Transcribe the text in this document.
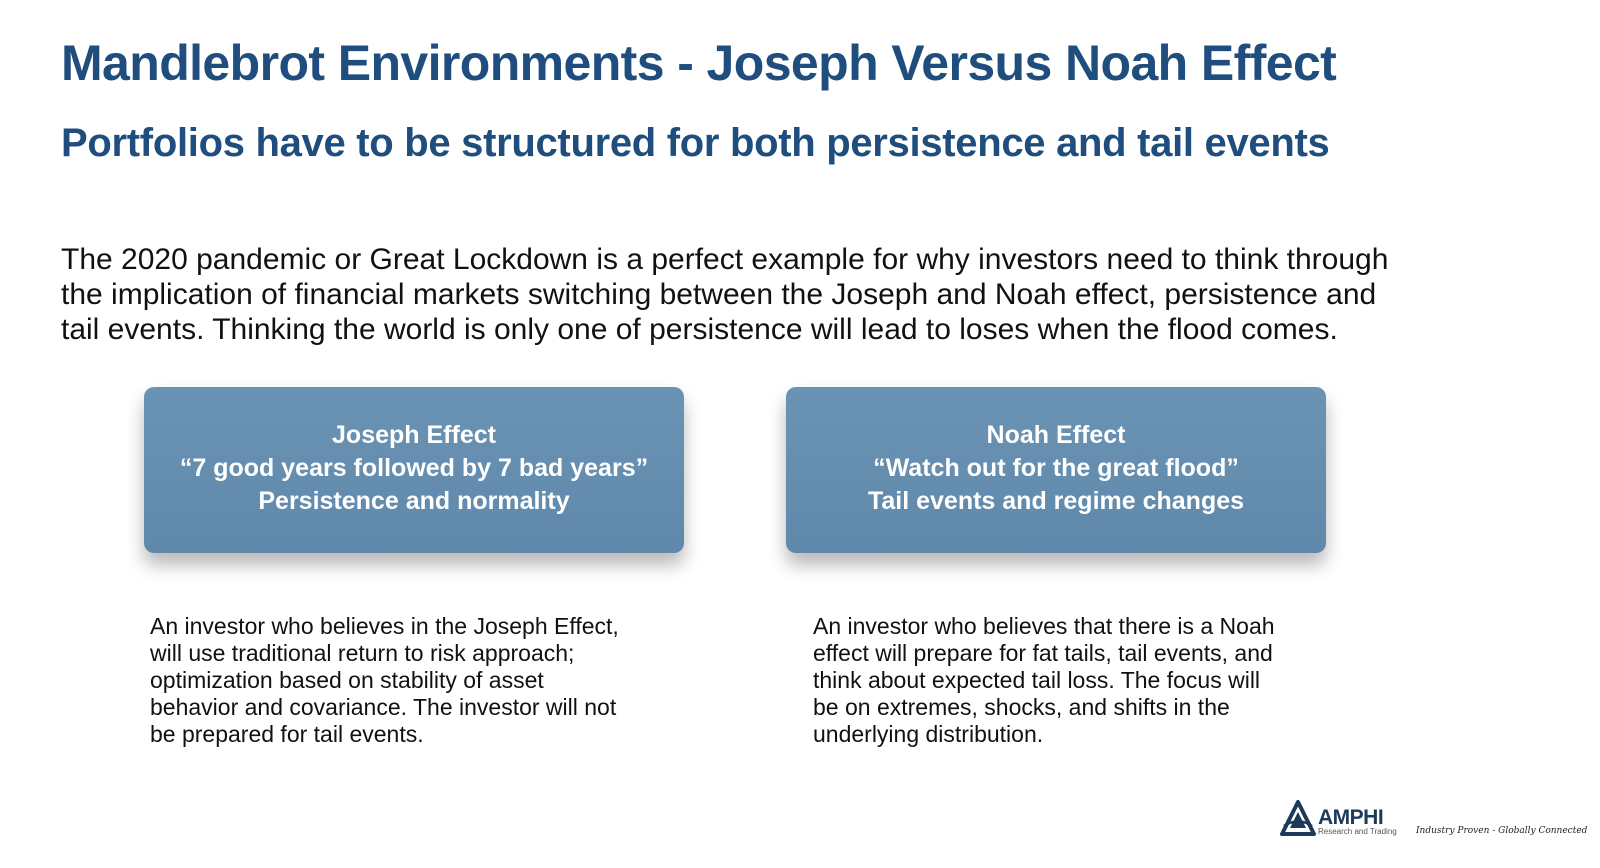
Mandlebrot Environments - Joseph Versus Noah Effect
Portfolios have to be structured for both persistence and tail events
The 2020 pandemic or Great Lockdown is a perfect example for why investors need to think through
the implication of financial markets switching between the Joseph and Noah effect, persistence and
tail events. Thinking the world is only one of persistence will lead to loses when the flood comes.
Joseph Effect
“7 good years followed by 7 bad years”
Persistence and normality
Noah Effect
“Watch out for the great flood”
Tail events and regime changes
An investor who believes in the Joseph Effect,
will use traditional return to risk approach;
optimization based on stability of asset
behavior and covariance. The investor will not
be prepared for tail events.
An investor who believes that there is a Noah
effect will prepare for fat tails, tail events, and
think about expected tail loss. The focus will
be on extremes, shocks, and shifts in the
underlying distribution.
AMPHI
Research and Trading Industry Proven - Globally Connected
